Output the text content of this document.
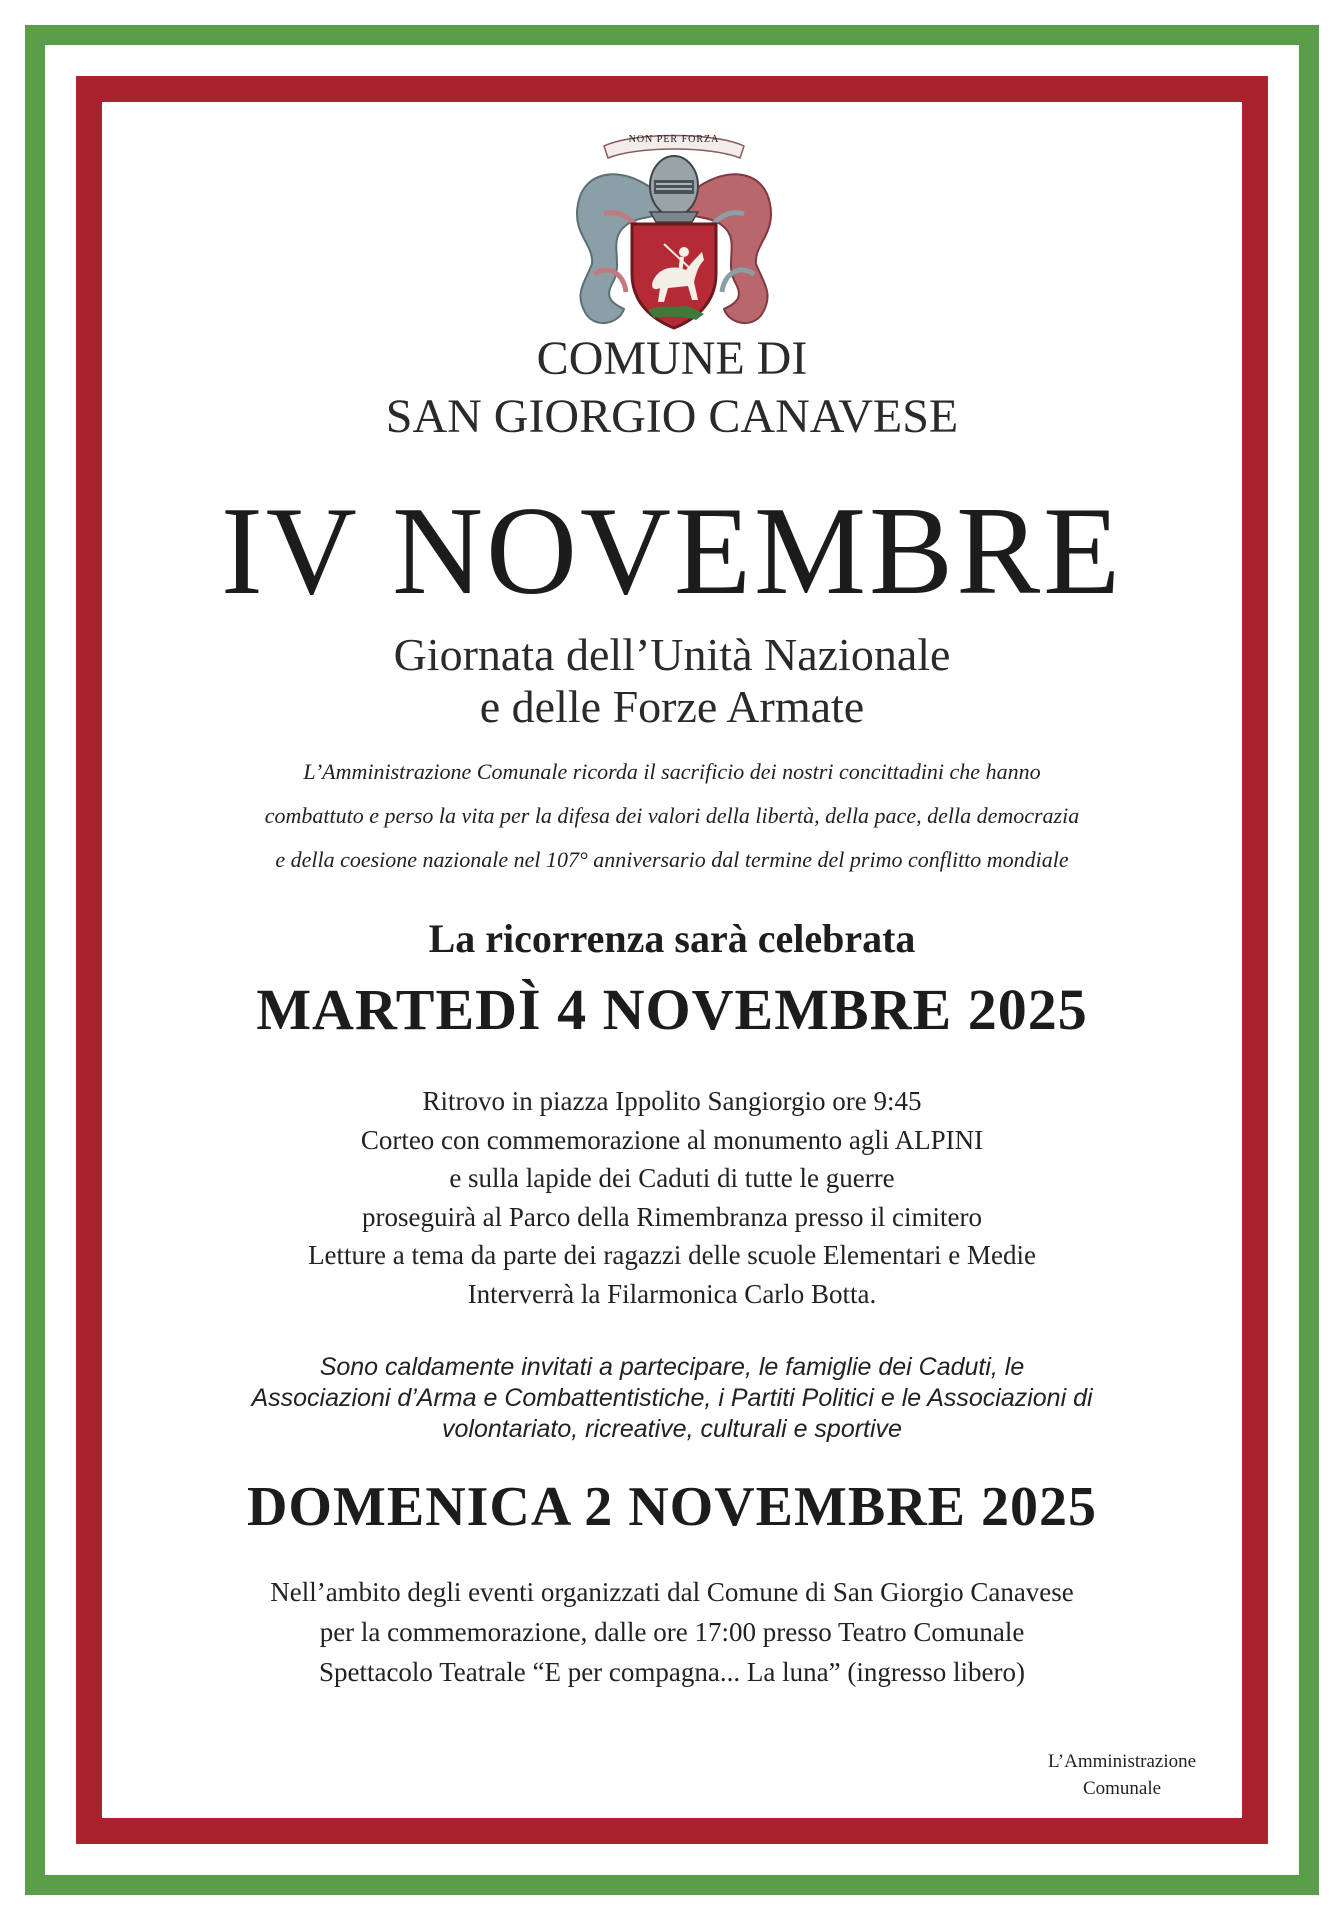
NON PER FORZA
COMUNE DI
SAN GIORGIO CANAVESE
IV NOVEMBRE
Giornata dell’Unità Nazionale
e delle Forze Armate
L’Amministrazione Comunale ricorda il sacrificio dei nostri concittadini che hanno
combattuto e perso la vita per la difesa dei valori della libertà, della pace, della democrazia
e della coesione nazionale nel 107° anniversario dal termine del primo conflitto mondiale
La ricorrenza sarà celebrata
MARTEDÌ 4 NOVEMBRE 2025
Ritrovo in piazza Ippolito Sangiorgio ore 9:45
Corteo con commemorazione al monumento agli ALPINI
e sulla lapide dei Caduti di tutte le guerre
proseguirà al Parco della Rimembranza presso il cimitero
Letture a tema da parte dei ragazzi delle scuole Elementari e Medie
Interverrà la Filarmonica Carlo Botta.
Sono caldamente invitati a partecipare, le famiglie dei Caduti, le
Associazioni d’Arma e Combattentistiche, i Partiti Politici e le Associazioni di
volontariato, ricreative, culturali e sportive
DOMENICA 2 NOVEMBRE 2025
Nell’ambito degli eventi organizzati dal Comune di San Giorgio Canavese
per la commemorazione, dalle ore 17:00 presso Teatro Comunale
Spettacolo Teatrale “E per compagna... La luna” (ingresso libero)
L’Amministrazione
Comunale
